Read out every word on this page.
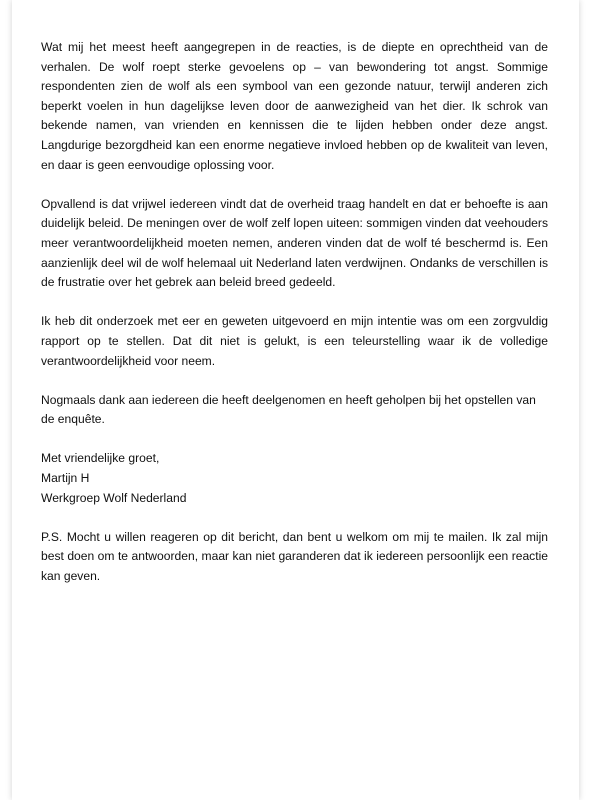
Wat mij het meest heeft aangegrepen in de reacties, is de diepte en oprechtheid van de verhalen. De wolf roept sterke gevoelens op – van bewondering tot angst. Sommige respondenten zien de wolf als een symbool van een gezonde natuur, terwijl anderen zich beperkt voelen in hun dagelijkse leven door de aanwezigheid van het dier. Ik schrok van bekende namen, van vrienden en kennissen die te lijden hebben onder deze angst. Langdurige bezorgdheid kan een enorme negatieve invloed hebben op de kwaliteit van leven, en daar is geen eenvoudige oplossing voor.

Opvallend is dat vrijwel iedereen vindt dat de overheid traag handelt en dat er behoefte is aan duidelijk beleid. De meningen over de wolf zelf lopen uiteen: sommigen vinden dat veehouders meer verantwoordelijkheid moeten nemen, anderen vinden dat de wolf té beschermd is. Een aanzienlijk deel wil de wolf helemaal uit Nederland laten verdwijnen. Ondanks de verschillen is de frustratie over het gebrek aan beleid breed gedeeld.

Ik heb dit onderzoek met eer en geweten uitgevoerd en mijn intentie was om een zorgvuldig rapport op te stellen. Dat dit niet is gelukt, is een teleurstelling waar ik de volledige verantwoordelijkheid voor neem.

Nogmaals dank aan iedereen die heeft deelgenomen en heeft geholpen bij het opstellen van de enquête.

Met vriendelijke groet,
Martijn H
Werkgroep Wolf Nederland

P.S. Mocht u willen reageren op dit bericht, dan bent u welkom om mij te mailen. Ik zal mijn best doen om te antwoorden, maar kan niet garanderen dat ik iedereen persoonlijk een reactie kan geven.
